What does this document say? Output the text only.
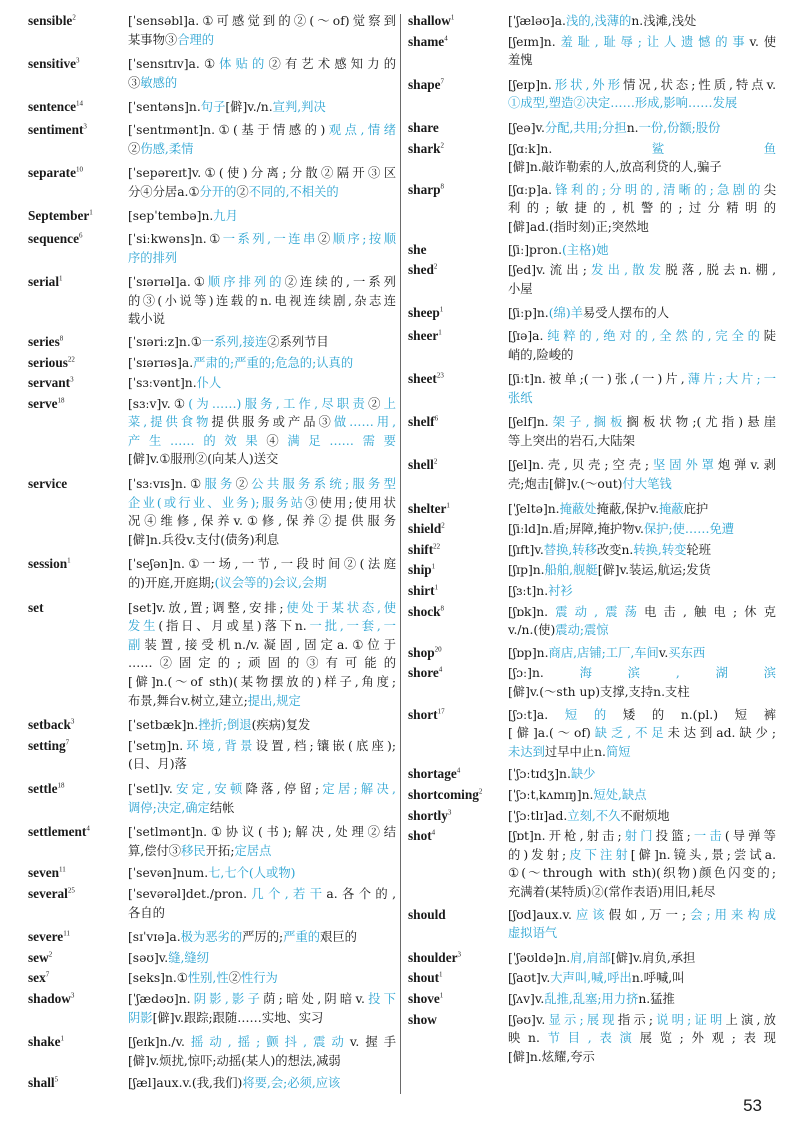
sensible$^2$	[ˈsensəbl]a.①可感觉到的②(～of)觉察到
某事物③合理的
sensitive$^3$	[ˈsensɪtɪv]a.①体贴的②有艺术感知力的
③敏感的
sentence$^{14}$	[ˈsentəns]n.句子[僻]v./n.宣判,判决
sentiment$^3$	[ˈsentɪmənt]n.①(基于情感的)观点,情绪
②伤感,柔情
separate$^{10}$	[ˈsepəreɪt]v.①(使)分离;分散②隔开③区
分④分居a.①分开的②不同的,不相关的
September$^1$	[sepˈtembə]n.九月
sequence$^6$	[ˈsiːkwəns]n.①一系列,一连串②顺序;按顺
序的排列
serial$^1$	[ˈsɪərɪəl]a.①顺序排列的②连续的,一系列
的③(小说等)连载的n.电视连续剧,杂志连
载小说
series$^8$	[ˈsɪəriːz]n.①一系列,接连②系列节目
serious$^{22}$	[ˈsɪərɪəs]a.严肃的;严重的;危急的;认真的
servant$^3$	[ˈsɜːvənt]n.仆人
serve$^{18}$	[sɜːv]v.①(为……)服务,工作,尽职责②上
菜,提供食物提供服务或产品③做……用,
产生……的效果④满足……需要
[僻]v.①服刑②(向某人)送交
service	[ˈsɜːvɪs]n.①服务②公共服务系统;服务型
企业(或行业、业务);服务站③使用;使用状
况④维修,保养v.①修,保养②提供服务
[僻]n.兵役v.支付(债务)利息
session$^1$	[ˈseʃən]n.①一场,一节,一段时间②(法庭
的)开庭,开庭期;(议会等的)会议,会期
set	[set]v.放,置;调整,安排;使处于某状态,使
发生(指日、月或星)落下n.一批,一套,一
副装置,接受机n./v.凝固,固定a.①位于
……②固定的;顽固的③有可能的
[僻]n.(～of sth)(某物摆放的)样子,角度;
布景,舞台v.树立,建立;提出,规定
setback$^3$	[ˈsetbæk]n.挫折;倒退(疾病)复发
setting$^7$	[ˈsetɪŋ]n.环境,背景设置,档;镶嵌(底座);
(日、月)落
settle$^{18}$	[ˈsetl]v.安定,安顿降落,停留;定居;解决,
调停;决定,确定结帐
settlement$^4$	[ˈsetlmənt]n.①协议(书);解决,处理②结
算,偿付③移民开拓;定居点
seven$^{11}$	[ˈsevən]num.七,七个(人或物)
several$^{25}$	[ˈsevərəl]det./pron.几个,若干a.各个的,
各自的
severe$^{11}$	[sɪˈvɪə]a.极为恶劣的严厉的;严重的艰巨的
sew$^2$	[səʊ]v.缝,缝纫
sex$^7$	[seks]n.①性别,性②性行为
shadow$^3$	[ˈʃædəʊ]n.阴影,影子荫;暗处,阴暗v.投下
阴影[僻]v.跟踪;跟随……实地、实习
shake$^1$	[ʃeɪk]n./v.摇动,摇;颤抖,震动v.握手
[僻]v.烦扰,惊吓;动摇(某人)的想法,减弱
shall$^5$	[ʃæl]aux.v.(我,我们)将要,会;必须,应该
shallow$^1$	[ˈʃæləʊ]a.浅的,浅薄的n.浅滩,浅处
shame$^4$	[ʃeɪm]n.羞耻,耻辱;让人遗憾的事v.使
羞愧
shape$^7$	[ʃeɪp]n.形状,外形情况,状态;性质,特点v.
①成型,塑造②决定……形成,影响……发展
share	[ʃeə]v.分配,共用;分担n.一份,份额;股份
shark$^2$	[ʃɑːk]n.鲨鱼
[僻]n.敲诈勒索的人,放高利贷的人,骗子
sharp$^8$	[ʃɑːp]a.锋利的;分明的,清晰的;急剧的尖
利的;敏捷的,机警的;过分精明的
[僻]ad.(指时刻)正;突然地
she	[ʃiː]pron.(主格)她
shed$^2$	[ʃed]v.流出;发出,散发脱落,脱去n.棚,
小屋
sheep$^1$	[ʃiːp]n.(绵)羊易受人摆布的人
sheer$^1$	[ʃɪə]a.纯粹的,绝对的,全然的,完全的陡
峭的,险峻的
sheet$^{23}$	[ʃiːt]n.被单;(一)张,(一)片,薄片;大片;一
张纸
shelf$^6$	[ʃelf]n.架子,搁板搁板状物;(尤指)悬崖
等上突出的岩石,大陆架
shell$^2$	[ʃel]n.壳,贝壳;空壳;坚固外罩炮弹v.剥
壳;炮击[僻]v.(～out)付大笔钱
shelter$^1$	[ˈʃeltə]n.掩蔽处掩蔽,保护v.掩蔽庇护
shield$^2$	[ʃiːld]n.盾;屏障,掩护物v.保护;使……免遭
shift$^{22}$	[ʃɪft]v.替换,转移改变n.转换,转变轮班
ship$^1$	[ʃɪp]n.船舶,舰艇[僻]v.装运,航运;发货
shirt$^1$	[ʃɜːt]n.衬衫
shock$^8$	[ʃɒk]n.震动,震荡电击,触电;休克
v./n.(使)震动;震惊
shop$^{20}$	[ʃɒp]n.商店,店铺;工厂,车间v.买东西
shore$^4$	[ʃɔː]n.海滨,湖滨
[僻]v.(～sth up)支撑,支持n.支柱
short$^{17}$	[ʃɔːt]a.短的矮的n.(pl.)短裤
[僻]a.(～of)缺乏,不足未达到ad.缺少;
未达到过早中止n.简短
shortage$^4$	[ˈʃɔːtɪdʒ]n.缺少
shortcoming$^2$	[ˈʃɔːtˌkʌmɪŋ]n.短处,缺点
shortly$^3$	[ˈʃɔːtlɪ]ad.立刻,不久不耐烦地
shot$^4$	[ʃɒt]n.开枪,射击;射门投篮;一击(导弹等
的)发射;皮下注射[僻]n.镜头,景;尝试a.
①(～through with sth)(织物)颜色闪变的;
充满着(某特质)②(常作表语)用旧,耗尽
should	[ʃʊd]aux.v.应该假如,万一;会;用来构成
虚拟语气
shoulder$^3$	[ˈʃəʊldə]n.肩,肩部[僻]v.肩负,承担
shout$^1$	[ʃaʊt]v.大声叫,喊,呼出n.呼喊,叫
shove$^1$	[ʃʌv]v.乱推,乱塞;用力挤n.猛推
show	[ʃəʊ]v.显示;展现指示;说明;证明上演,放
映n.节目,表演展览;外观;表现
[僻]n.炫耀,夸示
53
